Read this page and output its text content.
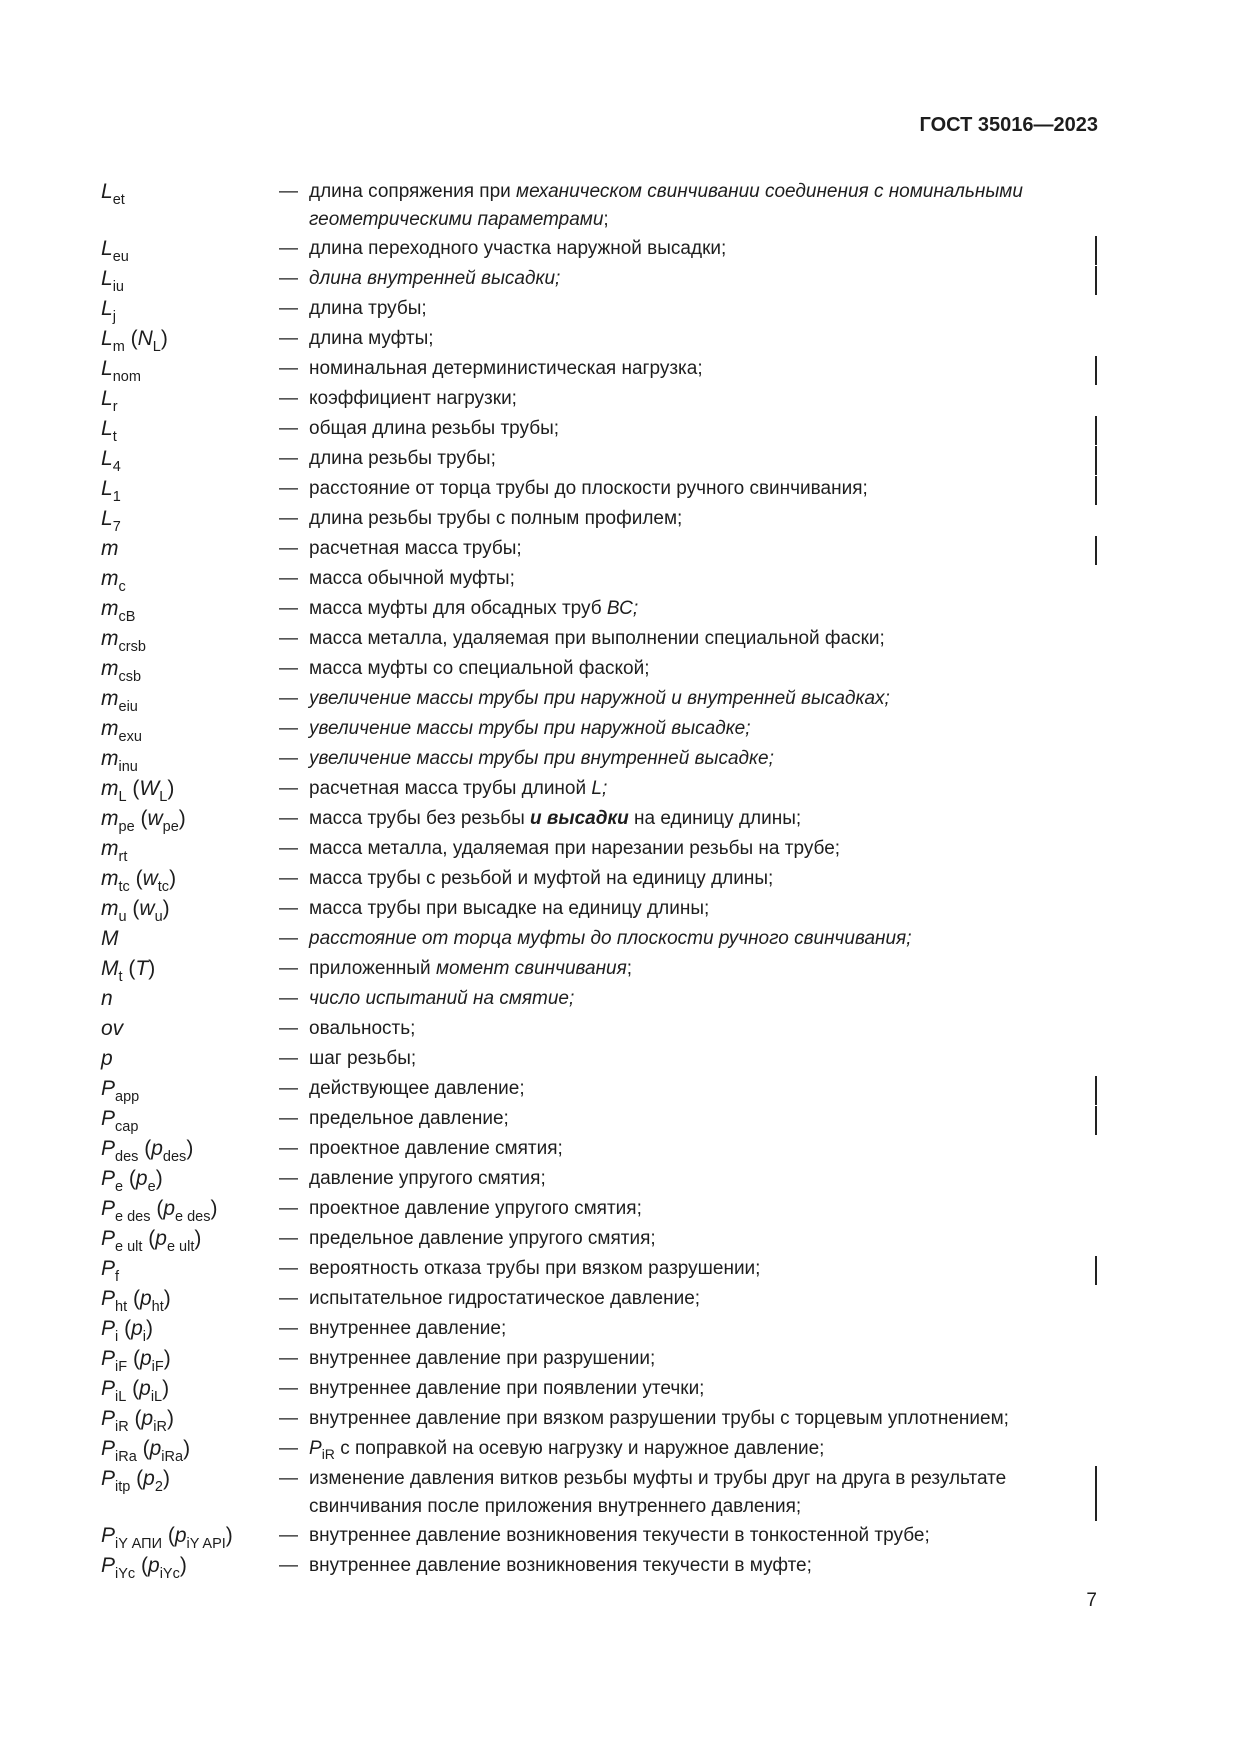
ГОСТ 35016—2023
$L_{et}$	— длина сопряжения при механическом свинчивании соединения с номинальными геометрическими параметрами;
$L_{eu}$	— длина переходного участка наружной высадки;
$L_{iu}$	— длина внутренней высадки;
$L_j$	— длина трубы;
$L_m$ $(N_L)$	— длина муфты;
$L_{nom}$	— номинальная детерминистическая нагрузка;
$L_r$	— коэффициент нагрузки;
$L_t$	— общая длина резьбы трубы;
$L_4$	— длина резьбы трубы;
$L_1$	— расстояние от торца трубы до плоскости ручного свинчивания;
$L_7$	— длина резьбы трубы с полным профилем;
m	— расчетная масса трубы;
$m_c$	— масса обычной муфты;
$m_{cB}$	— масса муфты для обсадных труб ВС;
$m_{crsb}$	— масса металла, удаляемая при выполнении специальной фаски;
$m_{csb}$	— масса муфты со специальной фаской;
$m_{eiu}$	— увеличение массы трубы при наружной и внутренней высадках;
$m_{exu}$	— увеличение массы трубы при наружной высадке;
$m_{inu}$	— увеличение массы трубы при внутренней высадке;
$m_L$ $(W_L)$	— расчетная масса трубы длиной L;
$m_{pe}$ $(w_{pe})$	— масса трубы без резьбы и высадки на единицу длины;
$m_{rt}$	— масса металла, удаляемая при нарезании резьбы на трубе;
$m_{tc}$ $(w_{tc})$	— масса трубы с резьбой и муфтой на единицу длины;
$m_u$ $(w_u)$	— масса трубы при высадке на единицу длины;
M	— расстояние от торца муфты до плоскости ручного свинчивания;
$M_t$ (T)	— приложенный момент свинчивания;
n	— число испытаний на смятие;
ov	— овальность;
p	— шаг резьбы;
$P_{app}$	— действующее давление;
$P_{cap}$	— предельное давление;
$P_{des}$ $(p_{des})$	— проектное давление смятия;
$P_e$ $(p_e)$	— давление упругого смятия;
$P_{e des}$ $(p_{e des})$	— проектное давление упругого смятия;
$P_{e ult}$ $(p_{e ult})$	— предельное давление упругого смятия;
$P_f$	— вероятность отказа трубы при вязком разрушении;
$P_{ht}$ $(p_{ht})$	— испытательное гидростатическое давление;
$P_i$ $(p_i)$	— внутреннее давление;
$P_{iF}$ $(p_{iF})$	— внутреннее давление при разрушении;
$P_{iL}$ $(p_{iL})$	— внутреннее давление при появлении утечки;
$P_{iR}$ $(p_{iR})$	— внутреннее давление при вязком разрушении трубы с торцевым уплотнением;
$P_{iRa}$ $(p_{iRa})$	— $P_{iR}$ с поправкой на осевую нагрузку и наружное давление;
$P_{itp}$ $(p_2)$	— изменение давления витков резьбы муфты и трубы друг на друга в результате свинчивания после приложения внутреннего давления;
$P_{iY АПИ}$ $(p_{iY API})$ — внутреннее давление возникновения текучести в тонкостенной трубе;
$P_{iYc}$ $(p_{iYc})$	— внутреннее давление возникновения текучести в муфте;
7
